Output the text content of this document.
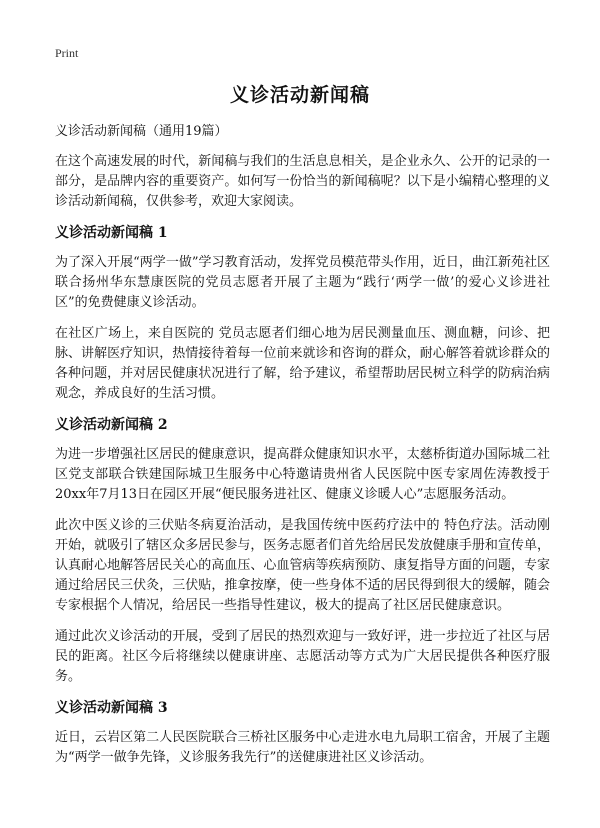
Print
义诊活动新闻稿
义诊活动新闻稿（通用19篇）

在这个高速发展的时代，新闻稿与我们的生活息息相关，是企业永久、公开的记录的一部分，是品牌内容的重要资产。如何写一份恰当的新闻稿呢？以下是小编精心整理的义诊活动新闻稿，仅供参考，欢迎大家阅读。

义诊活动新闻稿 1

为了深入开展“两学一做”学习教育活动，发挥党员模范带头作用，近日，曲江新苑社区联合扬州华东慧康医院的党员志愿者开展了主题为“践行‘两学一做’的爱心义诊进社区”的免费健康义诊活动。

在社区广场上，来自医院的 党员志愿者们细心地为居民测量血压、测血糖，问诊、把脉、讲解医疗知识，热情接待着每一位前来就诊和咨询的群众，耐心解答着就诊群众的各种问题，并对居民健康状况进行了解，给予建议，希望帮助居民树立科学的防病治病观念，养成良好的生活习惯。

义诊活动新闻稿 2

为进一步增强社区居民的健康意识，提高群众健康知识水平，太慈桥街道办国际城二社区党支部联合铁建国际城卫生服务中心特邀请贵州省人民医院中医专家周佐涛教授于20xx年7月13日在园区开展“便民服务进社区、健康义诊暖人心”志愿服务活动。

此次中医义诊的三伏贴冬病夏治活动，是我国传统中医药疗法中的 特色疗法。活动刚开始，就吸引了辖区众多居民参与，医务志愿者们首先给居民发放健康手册和宣传单，认真耐心地解答居民关心的高血压、心血管病等疾病预防、康复指导方面的问题，专家通过给居民三伏灸，三伏贴，推拿按摩，使一些身体不适的居民得到很大的缓解，随会专家根据个人情况，给居民一些指导性建议，极大的提高了社区居民健康意识。

通过此次义诊活动的开展，受到了居民的热烈欢迎与一致好评，进一步拉近了社区与居民的距离。社区今后将继续以健康讲座、志愿活动等方式为广大居民提供各种医疗服务。

义诊活动新闻稿 3

近日，云岩区第二人民医院联合三桥社区服务中心走进水电九局职工宿舍，开展了主题为“两学一做争先锋，义诊服务我先行”的送健康进社区义诊活动。
